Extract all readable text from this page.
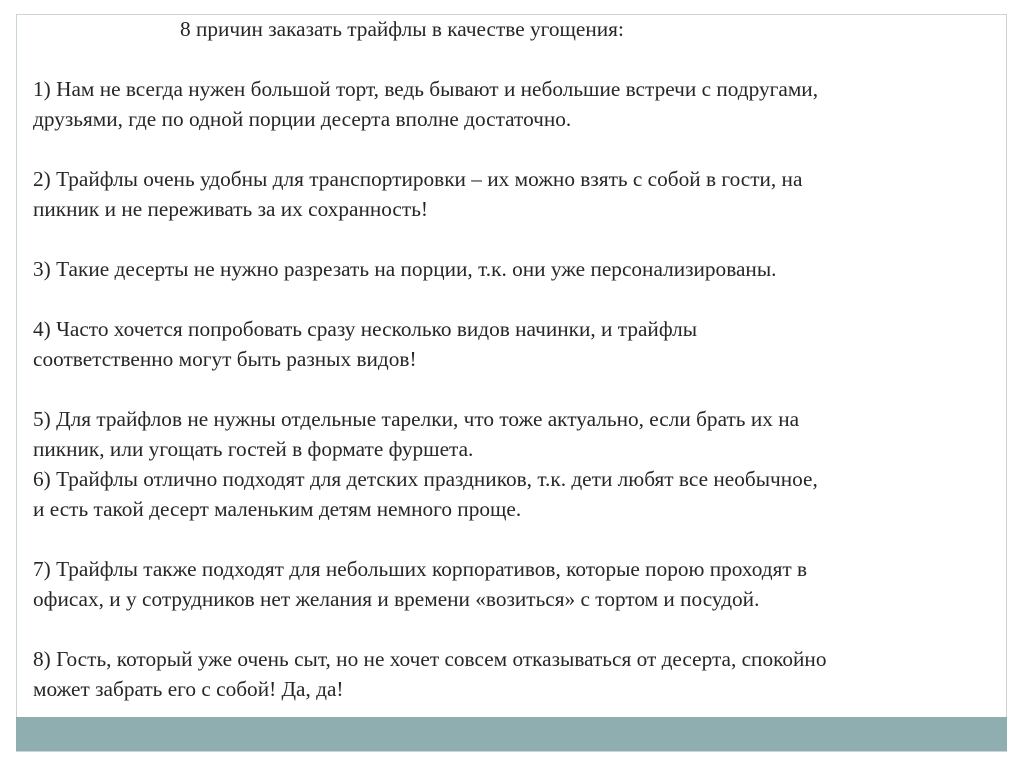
8 причин заказать трайфлы в качестве угощения:

1) Нам не всегда нужен большой торт, ведь бывают и небольшие встречи с подругами,
друзьями, где по одной порции десерта вполне достаточно.
2) Трайфлы очень удобны для транспортировки – их можно взять с собой в гости, на
пикник и не переживать за их сохранность!
3) Такие десерты не нужно разрезать на порции, т.к. они уже персонализированы.
4) Часто хочется попробовать сразу несколько видов начинки, и трайфлы
соответственно могут быть разных видов!
5) Для трайфлов не нужны отдельные тарелки, что тоже актуально, если брать их на
пикник, или угощать гостей в формате фуршета.
6) Трайфлы отлично подходят для детских праздников, т.к. дети любят все необычное,
и есть такой десерт маленьким детям немного проще.
7) Трайфлы также подходят для небольших корпоративов, которые порою проходят в
офисах, и у сотрудников нет желания и времени «возиться» с тортом и посудой.
8) Гость, который уже очень сыт, но не хочет совсем отказываться от десерта, спокойно
может забрать его с собой! Да, да!
